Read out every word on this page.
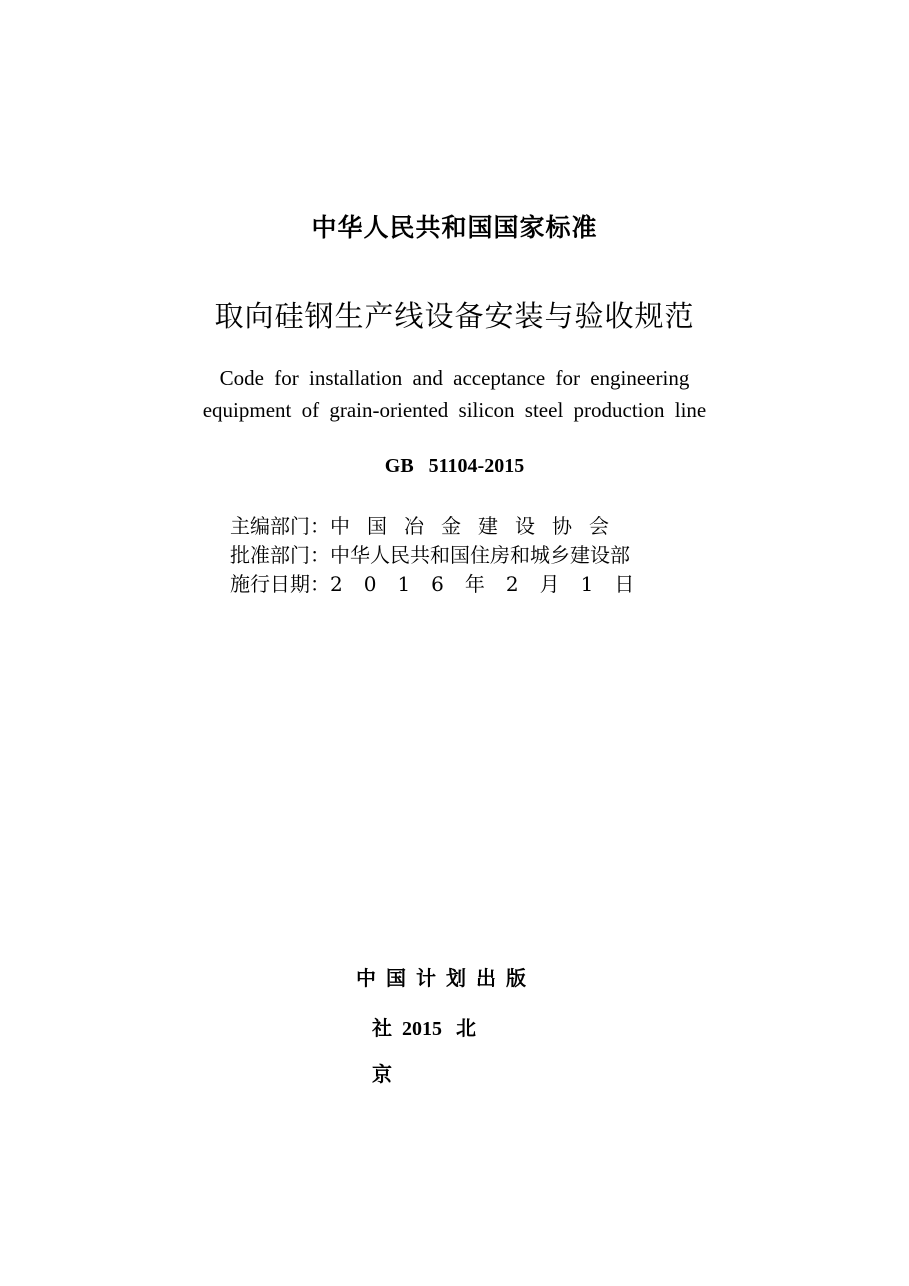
中华人民共和国国家标准
取向硅钢生产线设备安装与验收规范
Code for installation and acceptance for engineering
equipment of grain-oriented silicon steel production line
GB 51104-2015
主编部门： 中国冶金建设协会
批准部门： 中华人民共和国住房和城乡建设部
施行日期： 2016年2月1日
中国计划出版
社 2015 北
京
